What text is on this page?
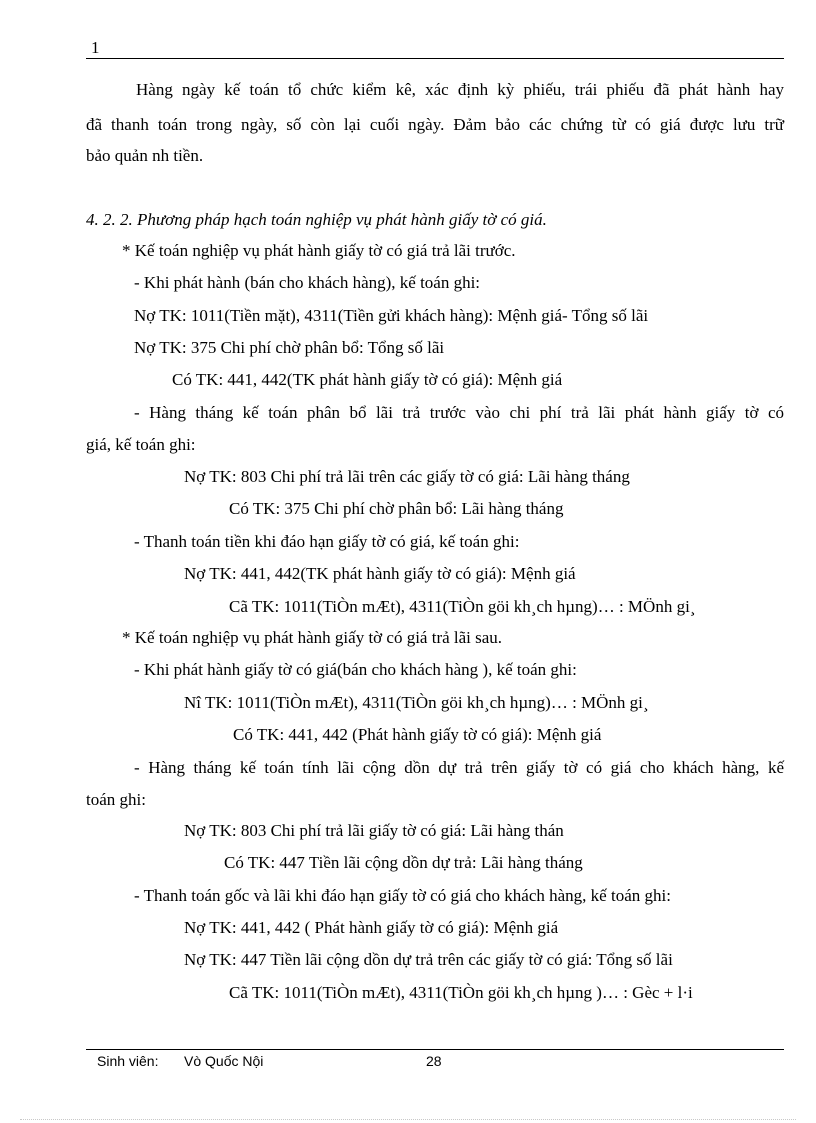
1
Hàng ngày kế toán tổ chức kiểm kê, xác định kỳ phiếu, trái phiếu đã phát hành hay
đã thanh toán trong ngày, số còn lại cuối ngày. Đảm bảo các chứng từ có giá được lưu trữ
bảo quản nh tiền.
4. 2. 2. Phương pháp hạch toán nghiệp vụ phát hành giấy tờ có giá.
* Kế toán nghiệp vụ phát hành giấy tờ có giá trả lãi trước.
- Khi phát hành (bán cho khách hàng), kế toán ghi:
Nợ TK: 1011(Tiền mặt), 4311(Tiền gửi khách hàng): Mệnh giá- Tổng số lãi
Nợ TK: 375 Chi phí chờ phân bổ: Tổng số lãi
Có TK: 441, 442(TK phát hành giấy tờ có giá): Mệnh giá
- Hàng tháng kế toán phân bổ lãi trả trước vào chi phí trả lãi phát hành giấy tờ có
giá, kế toán ghi:
Nợ TK: 803 Chi phí trả lãi trên các giấy tờ có giá: Lãi hàng tháng
Có TK: 375 Chi phí chờ phân bổ: Lãi hàng tháng
- Thanh toán tiền khi đáo hạn giấy tờ có giá, kế toán ghi:
Nợ TK: 441, 442(TK phát hành giấy tờ có giá): Mệnh giá
Cã TK: 1011(TiÒn mÆt), 4311(TiÒn göi kh¸ch hµng)… : MÖnh gi¸
* Kế toán nghiệp vụ phát hành giấy tờ có giá trả lãi sau.
- Khi phát hành giấy tờ có giá(bán cho khách hàng ), kế toán ghi:
Nî TK: 1011(TiÒn mÆt), 4311(TiÒn göi kh¸ch hµng)… : MÖnh gi¸
Có TK: 441, 442 (Phát hành giấy tờ có giá): Mệnh giá
- Hàng tháng kế toán tính lãi cộng dồn dự trả trên giấy tờ có giá cho khách hàng, kế
toán ghi:
Nợ TK: 803 Chi phí trả lãi giấy tờ có giá: Lãi hàng thán
Có TK: 447 Tiền lãi cộng dồn dự trả: Lãi hàng tháng
- Thanh toán gốc và lãi khi đáo hạn giấy tờ có giá cho khách hàng, kế toán ghi:
Nợ TK: 441, 442 ( Phát hành giấy tờ có giá): Mệnh giá
Nợ TK: 447 Tiền lãi cộng dồn dự trả trên các giấy tờ có giá: Tổng số lãi
Cã TK: 1011(TiÒn mÆt), 4311(TiÒn göi kh¸ch hµng )… : Gèc + l·i
Sinh viên: Vò Quốc Nội	28
